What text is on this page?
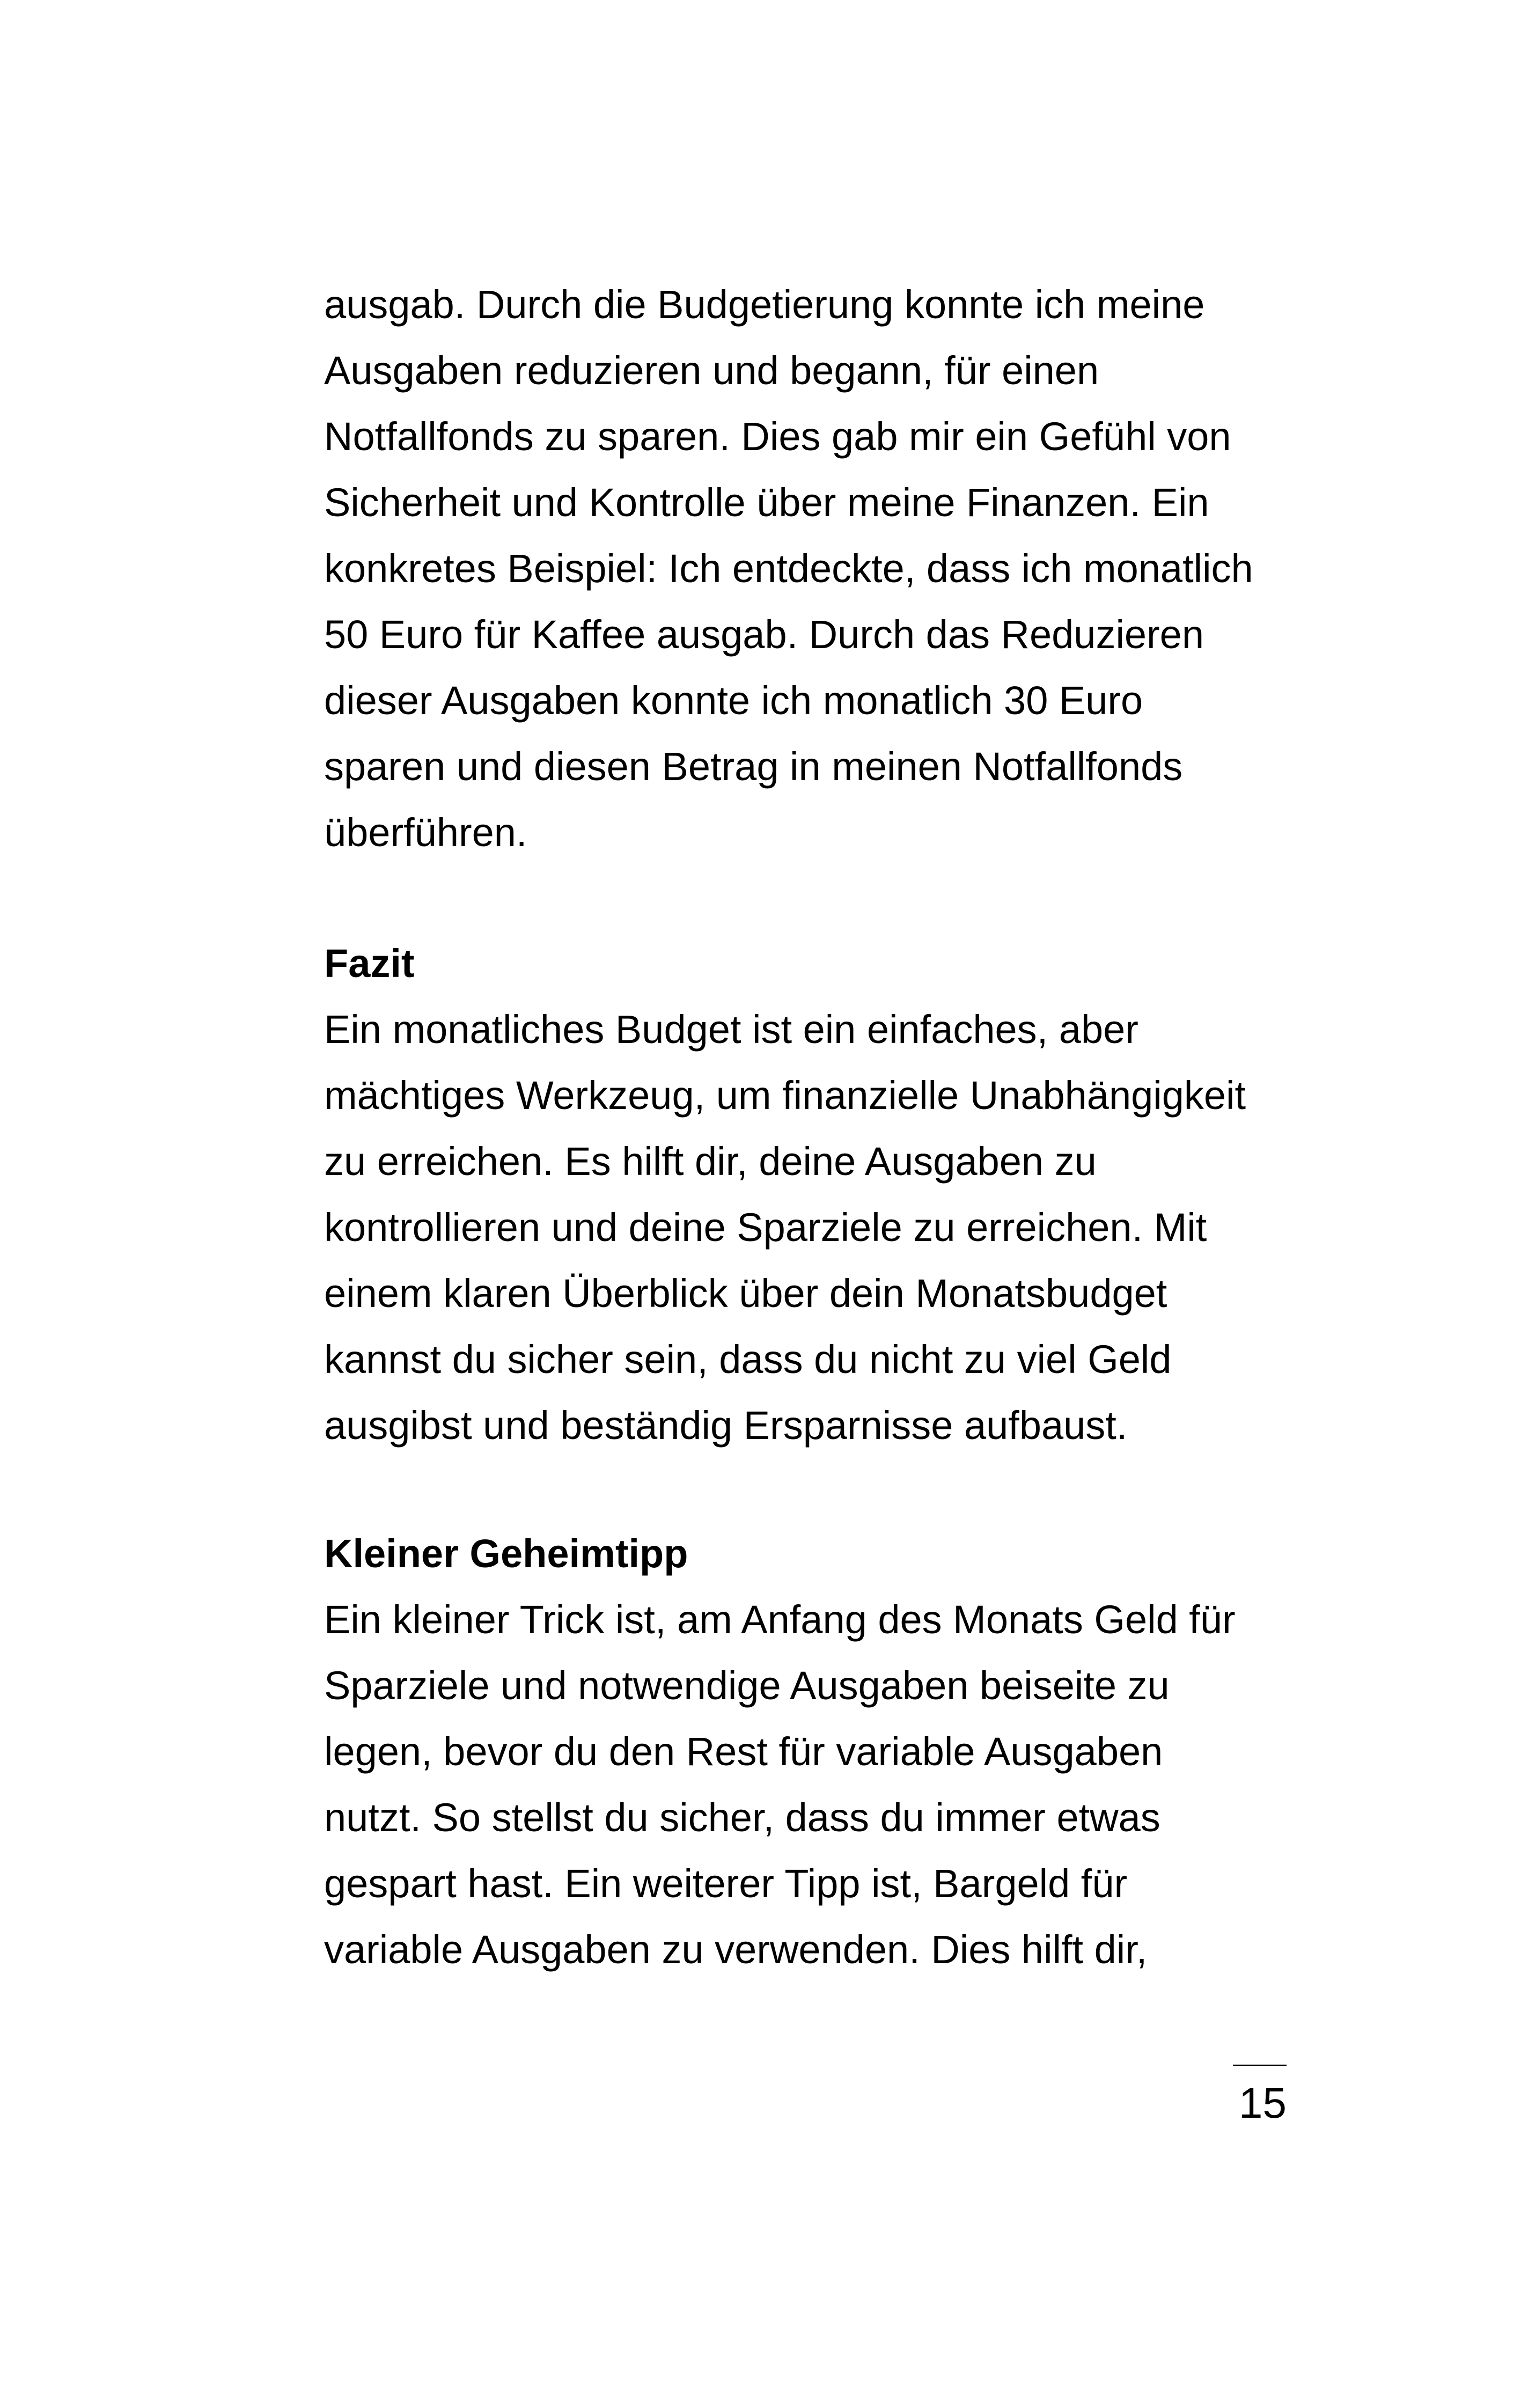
ausgab. Durch die Budgetierung konnte ich meine
Ausgaben reduzieren und begann, für einen
Notfallfonds zu sparen. Dies gab mir ein Gefühl von
Sicherheit und Kontrolle über meine Finanzen. Ein
konkretes Beispiel: Ich entdeckte, dass ich monatlich
50 Euro für Kaffee ausgab. Durch das Reduzieren
dieser Ausgaben konnte ich monatlich 30 Euro
sparen und diesen Betrag in meinen Notfallfonds
überführen.
Fazit
Ein monatliches Budget ist ein einfaches, aber
mächtiges Werkzeug, um finanzielle Unabhängigkeit
zu erreichen. Es hilft dir, deine Ausgaben zu
kontrollieren und deine Sparziele zu erreichen. Mit
einem klaren Überblick über dein Monatsbudget
kannst du sicher sein, dass du nicht zu viel Geld
ausgibst und beständig Ersparnisse aufbaust.
Kleiner Geheimtipp
Ein kleiner Trick ist, am Anfang des Monats Geld für
Sparziele und notwendige Ausgaben beiseite zu
legen, bevor du den Rest für variable Ausgaben
nutzt. So stellst du sicher, dass du immer etwas
gespart hast. Ein weiterer Tipp ist, Bargeld für
variable Ausgaben zu verwenden. Dies hilft dir,
15
